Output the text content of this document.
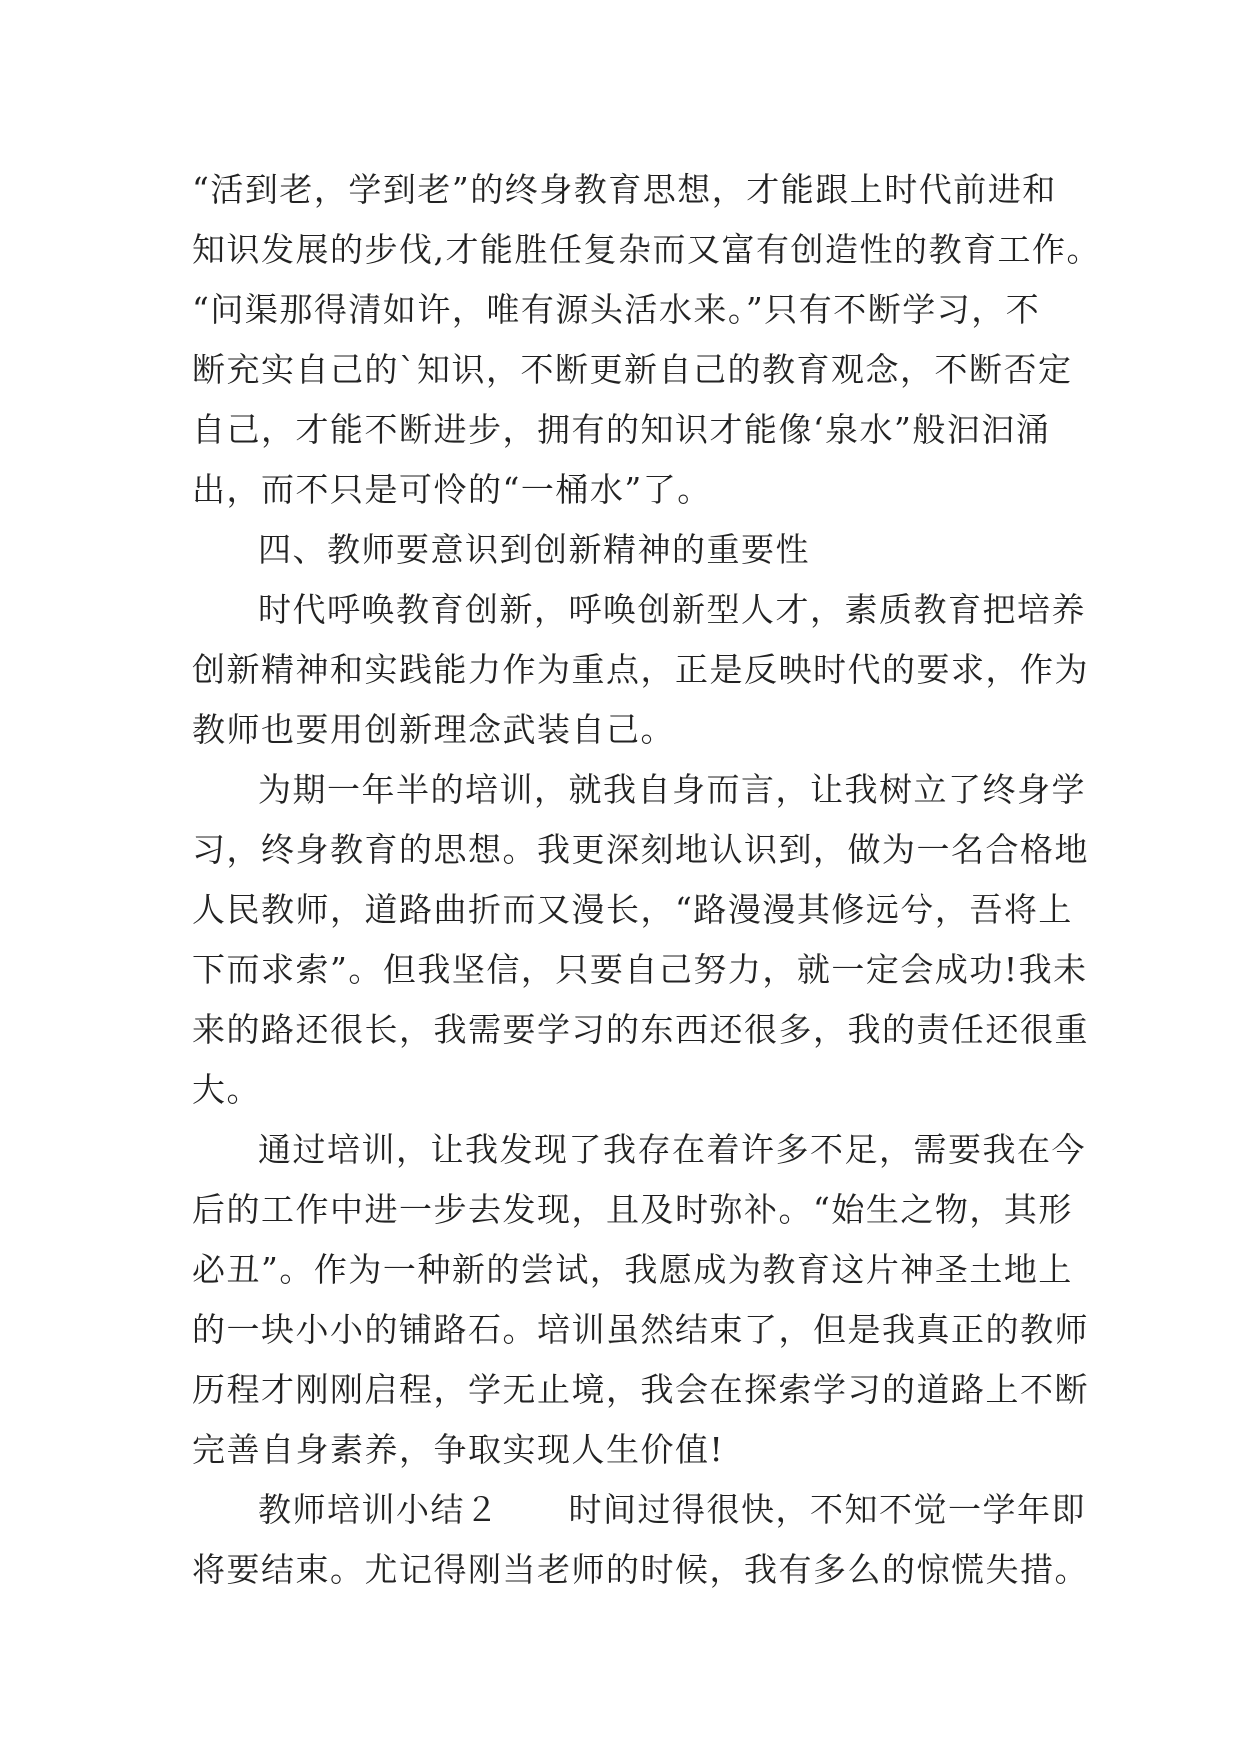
“活到老，学到老”的终身教育思想，才能跟上时代前进和
知识发展的步伐,才能胜任复杂而又富有创造性的教育工作。
“问渠那得清如许，唯有源头活水来。”只有不断学习，不
断充实自己的`知识，不断更新自己的教育观念，不断否定
自己，才能不断进步，拥有的知识才能像‘泉水”般汩汩涌
出，而不只是可怜的“一桶水”了。
四、教师要意识到创新精神的重要性
时代呼唤教育创新，呼唤创新型人才，素质教育把培养
创新精神和实践能力作为重点，正是反映时代的要求，作为
教师也要用创新理念武装自己。
为期一年半的培训，就我自身而言，让我树立了终身学
习，终身教育的思想。我更深刻地认识到，做为一名合格地
人民教师，道路曲折而又漫长，“路漫漫其修远兮，吾将上
下而求索”。但我坚信，只要自己努力，就一定会成功!我未
来的路还很长，我需要学习的东西还很多，我的责任还很重
大。
通过培训，让我发现了我存在着许多不足，需要我在今
后的工作中进一步去发现，且及时弥补。“始生之物，其形
必丑”。作为一种新的尝试，我愿成为教育这片神圣土地上
的一块小小的铺路石。培训虽然结束了，但是我真正的教师
历程才刚刚启程，学无止境，我会在探索学习的道路上不断
完善自身素养，争取实现人生价值!
教师培训小结２　　时间过得很快，不知不觉一学年即
将要结束。尤记得刚当老师的时候，我有多么的惊慌失措。
